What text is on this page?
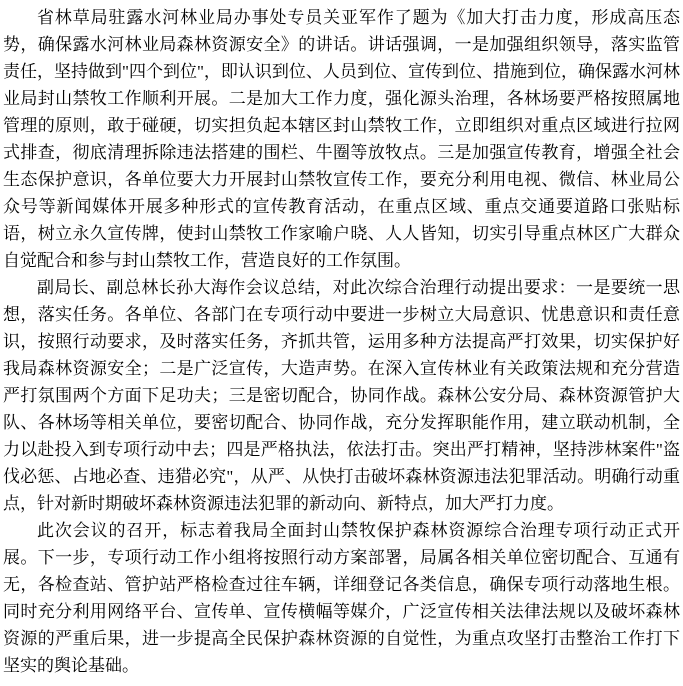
省林草局驻露水河林业局办事处专员关亚军作了题为《加大打击力度，形成高压态势，确保露水河林业局森林资源安全》的讲话。讲话强调，一是加强组织领导，落实监管责任，坚持做到"四个到位"，即认识到位、人员到位、宣传到位、措施到位，确保露水河林业局封山禁牧工作顺利开展。二是加大工作力度，强化源头治理，各林场要严格按照属地管理的原则，敢于碰硬，切实担负起本辖区封山禁牧工作，立即组织对重点区域进行拉网式排查，彻底清理拆除违法搭建的围栏、牛圈等放牧点。三是加强宣传教育，增强全社会生态保护意识，各单位要大力开展封山禁牧宣传工作，要充分利用电视、微信、林业局公众号等新闻媒体开展多种形式的宣传教育活动，在重点区域、重点交通要道路口张贴标语，树立永久宣传牌，使封山禁牧工作家喻户晓、人人皆知，切实引导重点林区广大群众自觉配合和参与封山禁牧工作，营造良好的工作氛围。

副局长、副总林长孙大海作会议总结，对此次综合治理行动提出要求：一是要统一思想，落实任务。各单位、各部门在专项行动中要进一步树立大局意识、忧患意识和责任意识，按照行动要求，及时落实任务，齐抓共管，运用多种方法提高严打效果，切实保护好我局森林资源安全；二是广泛宣传，大造声势。在深入宣传林业有关政策法规和充分营造严打氛围两个方面下足功夫；三是密切配合，协同作战。森林公安分局、森林资源管护大队、各林场等相关单位，要密切配合、协同作战，充分发挥职能作用，建立联动机制，全力以赴投入到专项行动中去；四是严格执法，依法打击。突出严打精神，坚持涉林案件"盗伐必惩、占地必查、违猎必究"，从严、从快打击破坏森林资源违法犯罪活动。明确行动重点，针对新时期破坏森林资源违法犯罪的新动向、新特点，加大严打力度。

此次会议的召开，标志着我局全面封山禁牧保护森林资源综合治理专项行动正式开展。下一步，专项行动工作小组将按照行动方案部署，局属各相关单位密切配合、互通有无，各检查站、管护站严格检查过往车辆，详细登记各类信息，确保专项行动落地生根。同时充分利用网络平台、宣传单、宣传横幅等媒介，广泛宣传相关法律法规以及破坏森林资源的严重后果，进一步提高全民保护森林资源的自觉性，为重点攻坚打击整治工作打下坚实的舆论基础。
